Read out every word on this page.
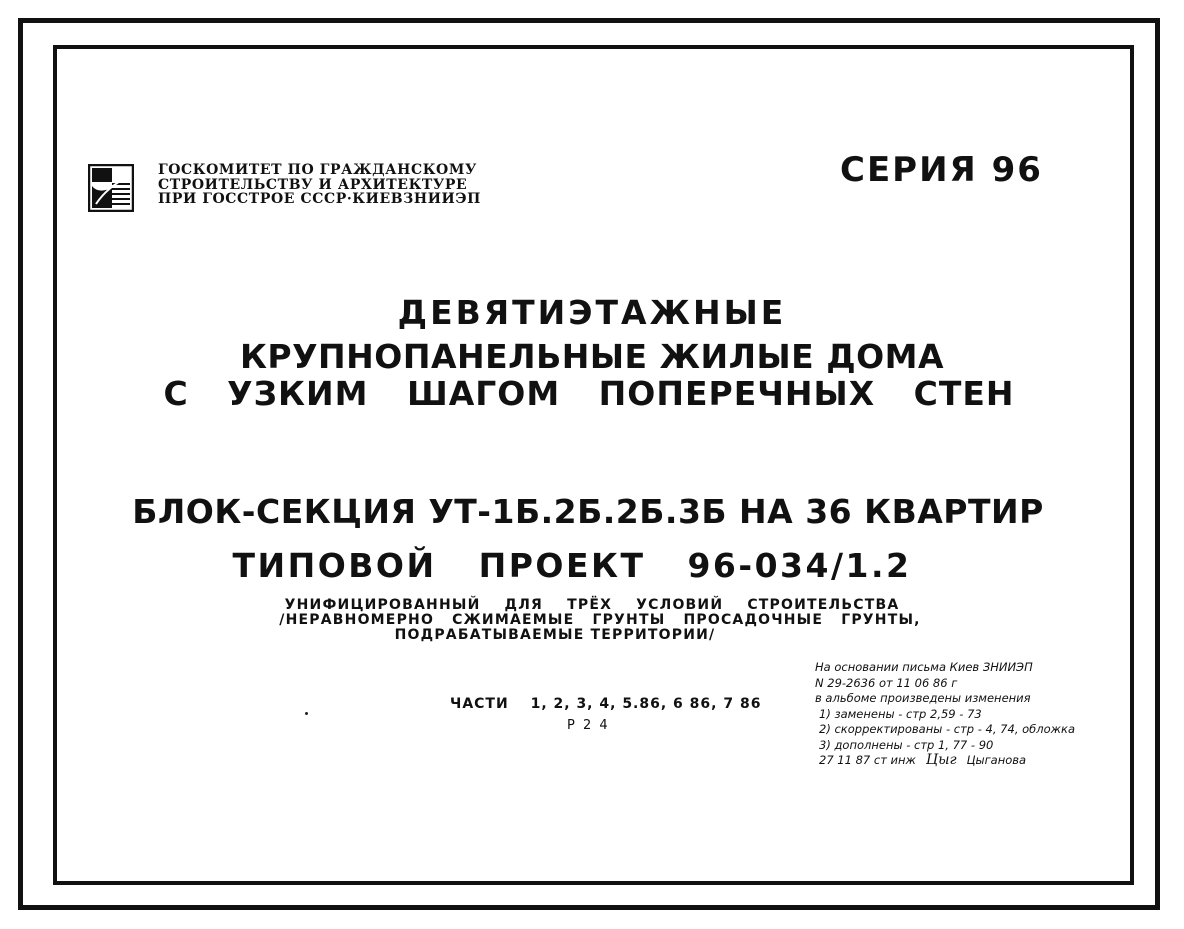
ГОСКОМИТЕТ ПО ГРАЖДАНСКОМУ
СТРОИТЕЛЬСТВУ И АРХИТЕКТУРЕ
ПРИ ГОССТРОЕ СССР·КИЕВЗНИИЭП
СЕРИЯ 96
ДЕВЯТИЭТАЖНЫЕ
КРУПНОПАНЕЛЬНЫЕ ЖИЛЫЕ ДОМА
С УЗКИМ ШАГОМ ПОПЕРЕЧНЫХ СТЕН
БЛОК-СЕКЦИЯ УТ-1Б.2Б.2Б.3Б НА 36 КВАРТИР
ТИПОВОЙ ПРОЕКТ 96-034/1.2
УНИФИЦИРОВАННЫЙ ДЛЯ ТРЁХ УСЛОВИЙ СТРОИТЕЛЬСТВА
/НЕРАВНОМЕРНО СЖИМАЕМЫЕ ГРУНТЫ ПРОСАДОЧНЫЕ ГРУНТЫ,
ПОДРАБАТЫВАЕМЫЕ ТЕРРИТОРИИ/
ЧАСТИ 1, 2, 3, 4, 5.86, 6 86, 7 86
Р 2 4
На основании письма Киев ЗНИИЭП
N 29-2636 от 11 06 86 г
в альбоме произведены изменения
1) заменены - стр 2,59 - 73
2) скорректированы - стр - 4, 74, обложка
3) дополнены - стр 1, 77 - 90
27 11 87 ст инж Цыг Цыганова
